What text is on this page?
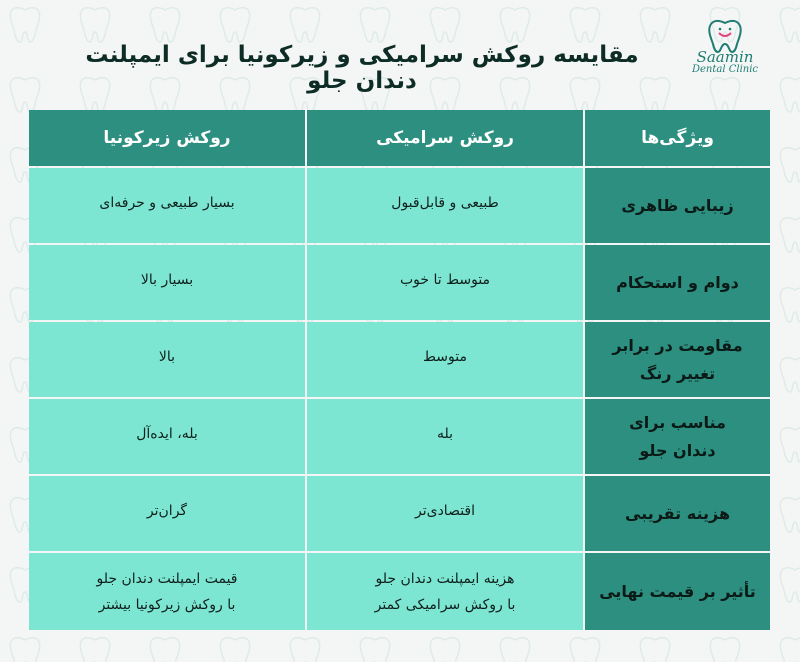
Saamin
Dental Clinic
مقایسه روکش سرامیکی و زیرکونیا برای ایمپلنت دندان جلو
ویژگی‌ها
روکش سرامیکی
روکش زیرکونیا
زیبایی ظاهری
طبیعی و قابل‌قبول
بسیار طبیعی و حرفه‌ای
دوام و استحکام
متوسط تا خوب
بسیار بالا
مقاومت در برابر
تغییر رنگ
متوسط
بالا
مناسب برای
دندان جلو
بله
بله، ایده‌آل
هزینه تقریبی
اقتصادی‌تر
گران‌تر
تأثیر بر قیمت نهایی
هزینه ایمپلنت دندان جلو
با روکش سرامیکی کمتر
قیمت ایمپلنت دندان جلو
با روکش زیرکونیا بیشتر
